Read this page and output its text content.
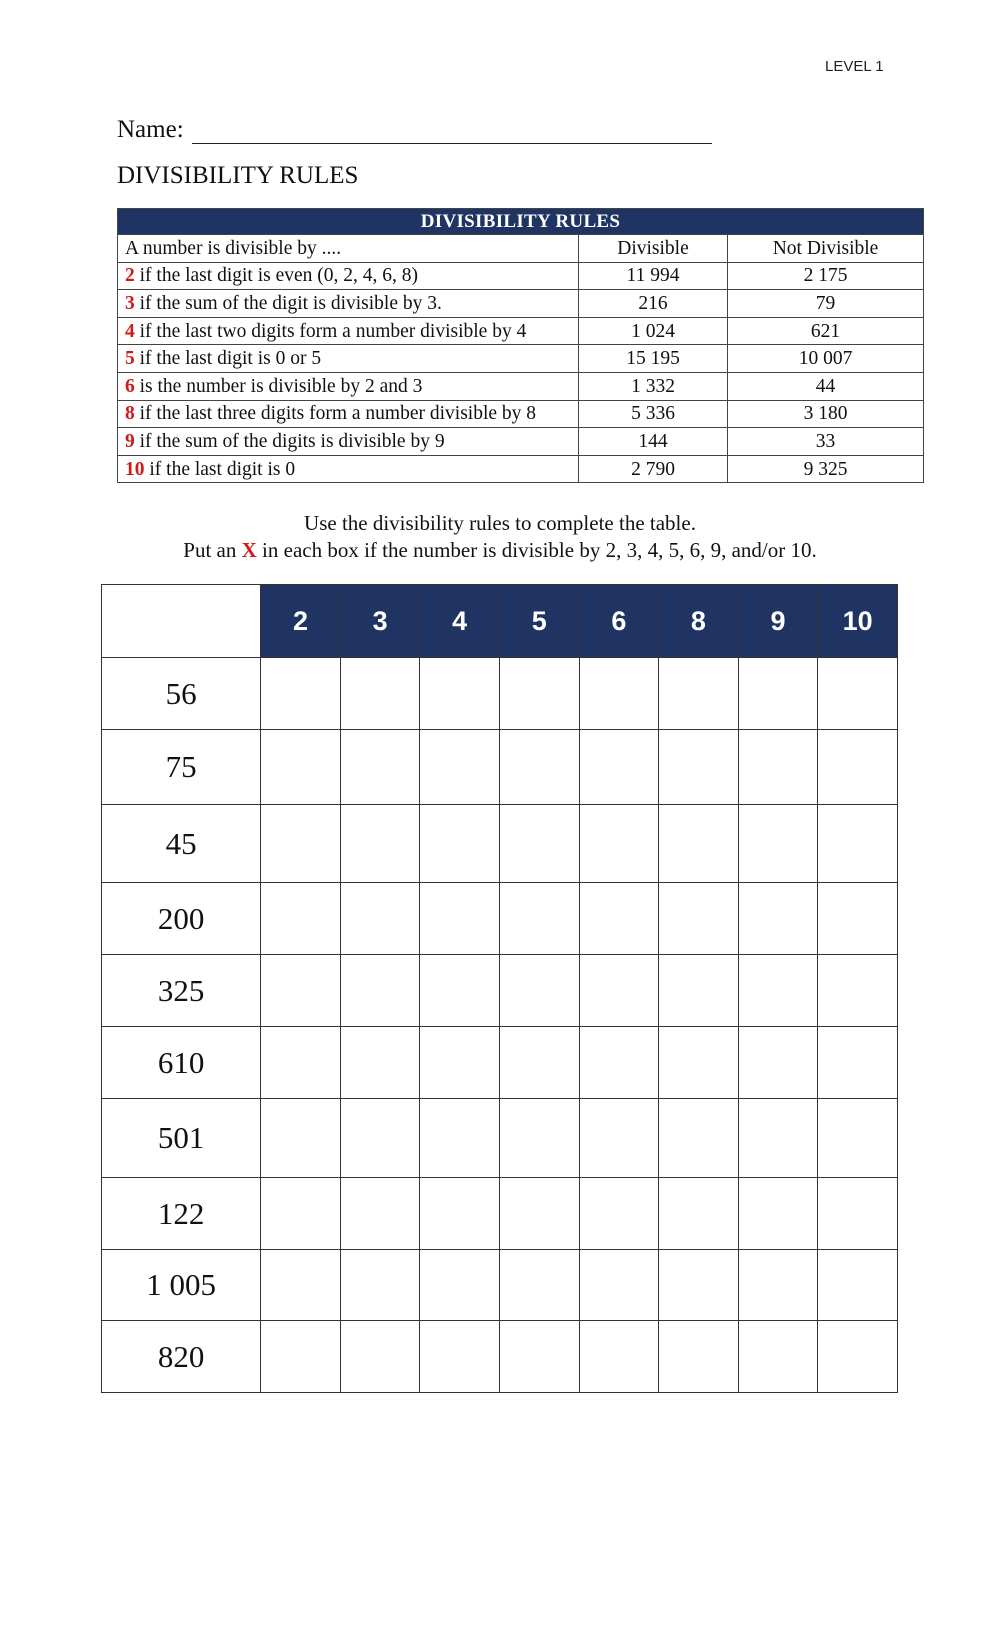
LEVEL 1
Name:
DIVISIBILITY RULES
DIVISIBILITY RULES		
A number is divisible by ....	Divisible	Not Divisible
2 if the last digit is even (0, 2, 4, 6, 8)	11 994	2 175
3 if the sum of the digit is divisible by 3.	216	79
4 if the last two digits form a number divisible by 4	1 024	621
5 if the last digit is 0 or 5	15 195	10 007
6 is the number is divisible by 2 and 3	1 332	44
8 if the last three digits form a number divisible by 8	5 336	3 180
9 if the sum of the digits is divisible by 9	144	33
10 if the last digit is 0	2 790	9 325
Use the divisibility rules to complete the table.
Put an X in each box if the number is divisible by 2, 3, 4, 5, 6, 9, and/or 10.
	2	3	4	5	6	8	9	10
56								
75								
45								
200								
325								
610								
501								
122								
1 005								
820								
